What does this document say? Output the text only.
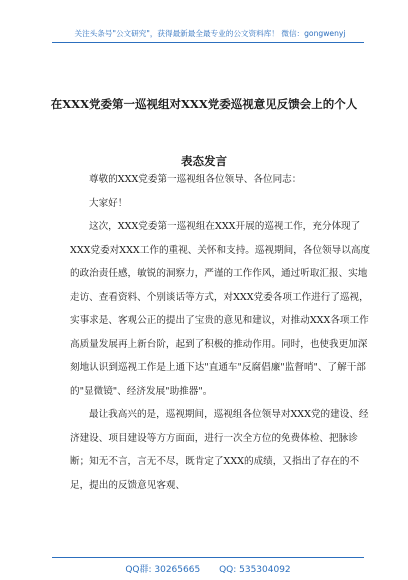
关注头条号"公文研究"，获得最新最全最专业的公文资料库！ 微信：gongwenyj
在XXX党委第一巡视组对XXX党委巡视意见反馈会上的个人
表态发言

尊敬的XXX党委第一巡视组各位领导、各位同志：

大家好！

这次，XXX党委第一巡视组在XXX开展的巡视工作，充分体现了XXX党委对XXX工作的重视、关怀和支持。巡视期间，各位领导以高度的政治责任感，敏锐的洞察力，严谨的工作作风，通过听取汇报、实地走访、查看资料、个别谈话等方式，对XXX党委各项工作进行了巡视，实事求是、客观公正的提出了宝贵的意见和建议，对推动XXX各项工作高质量发展再上新台阶，起到了积极的推动作用。同时，也使我更加深刻地认识到巡视工作是上通下达"直通车"反腐倡廉"监督哨"、了解干部的"显微镜"、经济发展"助推器"。

最让我高兴的是，巡视期间，巡视组各位领导对XXX党的建设、经济建设、项目建设等方方面面，进行一次全方位的免费体检、把脉诊断；知无不言，言无不尽，既肯定了XXX的成绩，又指出了存在的不足，提出的反馈意见客观、

QQ群: 30265665 QQ: 535304092
